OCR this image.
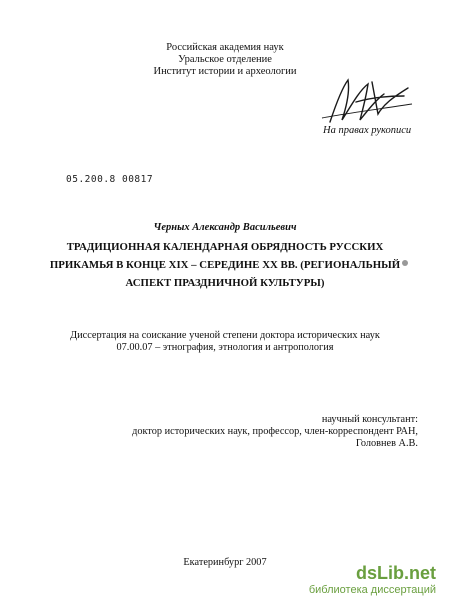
Российская академия наук
Уральское отделение
Институт истории и археологии
На правах рукописи
05.200.8 00817
Черных Александр Васильевич
ТРАДИЦИОННАЯ КАЛЕНДАРНАЯ ОБРЯДНОСТЬ РУССКИХ
ПРИКАМЬЯ В КОНЦЕ XIX – СЕРЕДИНЕ XX ВВ. (РЕГИОНАЛЬНЫЙ
АСПЕКТ ПРАЗДНИЧНОЙ КУЛЬТУРЫ)
Диссертация на соискание ученой степени доктора исторических наук
07.00.07 – этнография, этнология и антропология
научный консультант:
доктор исторических наук, профессор, член-корреспондент РАН,
Головнев А.В.
Екатеринбург 2007
dsLib.net
библиотека диссертаций
